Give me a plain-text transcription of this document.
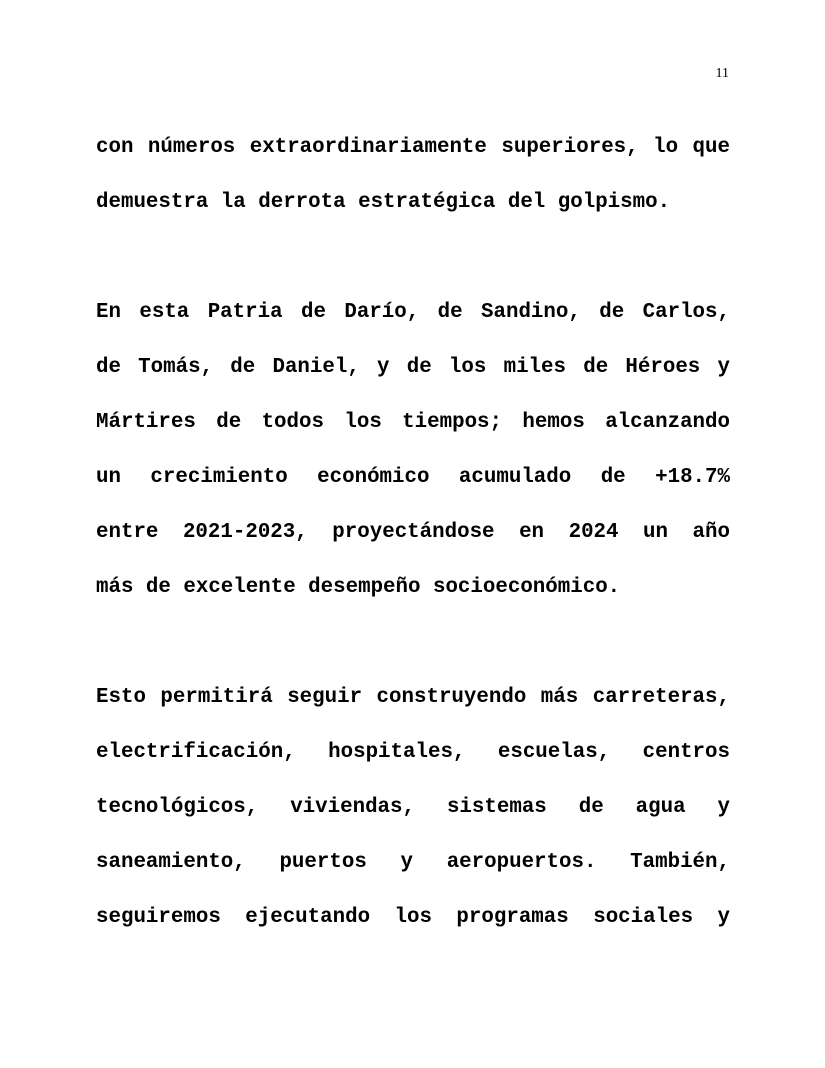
11
con números extraordinariamente superiores, lo que
demuestra la derrota estratégica del golpismo.
En esta Patria de Darío, de Sandino, de Carlos,
de Tomás, de Daniel, y de los miles de Héroes y
Mártires de todos los tiempos; hemos alcanzando
un crecimiento económico acumulado de +18.7%
entre 2021-2023, proyectándose en 2024 un año
más de excelente desempeño socioeconómico.
Esto permitirá seguir construyendo más carreteras,
electrificación, hospitales, escuelas, centros
tecnológicos, viviendas, sistemas de agua y
saneamiento, puertos y aeropuertos. También,
seguiremos ejecutando los programas sociales y
